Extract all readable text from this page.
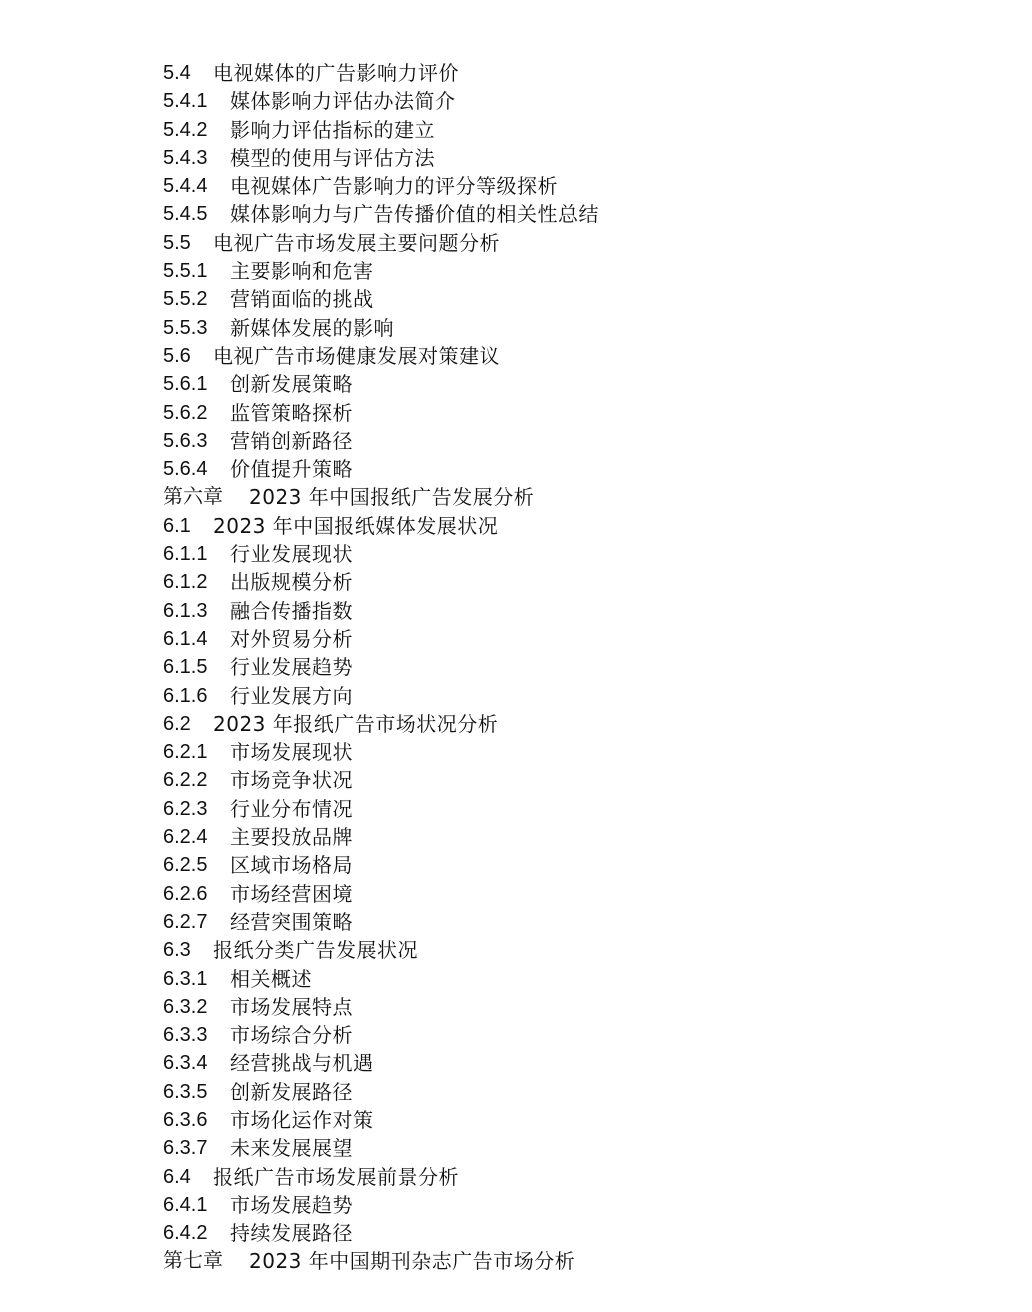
5.4	电视媒体的广告影响力评价
5.4.1	媒体影响力评估办法简介
5.4.2	影响力评估指标的建立
5.4.3	模型的使用与评估方法
5.4.4	电视媒体广告影响力的评分等级探析
5.4.5	媒体影响力与广告传播价值的相关性总结
5.5	电视广告市场发展主要问题分析
5.5.1	主要影响和危害
5.5.2	营销面临的挑战
5.5.3	新媒体发展的影响
5.6	电视广告市场健康发展对策建议
5.6.1	创新发展策略
5.6.2	监管策略探析
5.6.3	营销创新路径
5.6.4	价值提升策略
第六章	2023 年中国报纸广告发展分析
6.1	2023 年中国报纸媒体发展状况
6.1.1	行业发展现状
6.1.2	出版规模分析
6.1.3	融合传播指数
6.1.4	对外贸易分析
6.1.5	行业发展趋势
6.1.6	行业发展方向
6.2	2023 年报纸广告市场状况分析
6.2.1	市场发展现状
6.2.2	市场竞争状况
6.2.3	行业分布情况
6.2.4	主要投放品牌
6.2.5	区域市场格局
6.2.6	市场经营困境
6.2.7	经营突围策略
6.3	报纸分类广告发展状况
6.3.1	相关概述
6.3.2	市场发展特点
6.3.3	市场综合分析
6.3.4	经营挑战与机遇
6.3.5	创新发展路径
6.3.6	市场化运作对策
6.3.7	未来发展展望
6.4	报纸广告市场发展前景分析
6.4.1	市场发展趋势
6.4.2	持续发展路径
第七章	2023 年中国期刊杂志广告市场分析
